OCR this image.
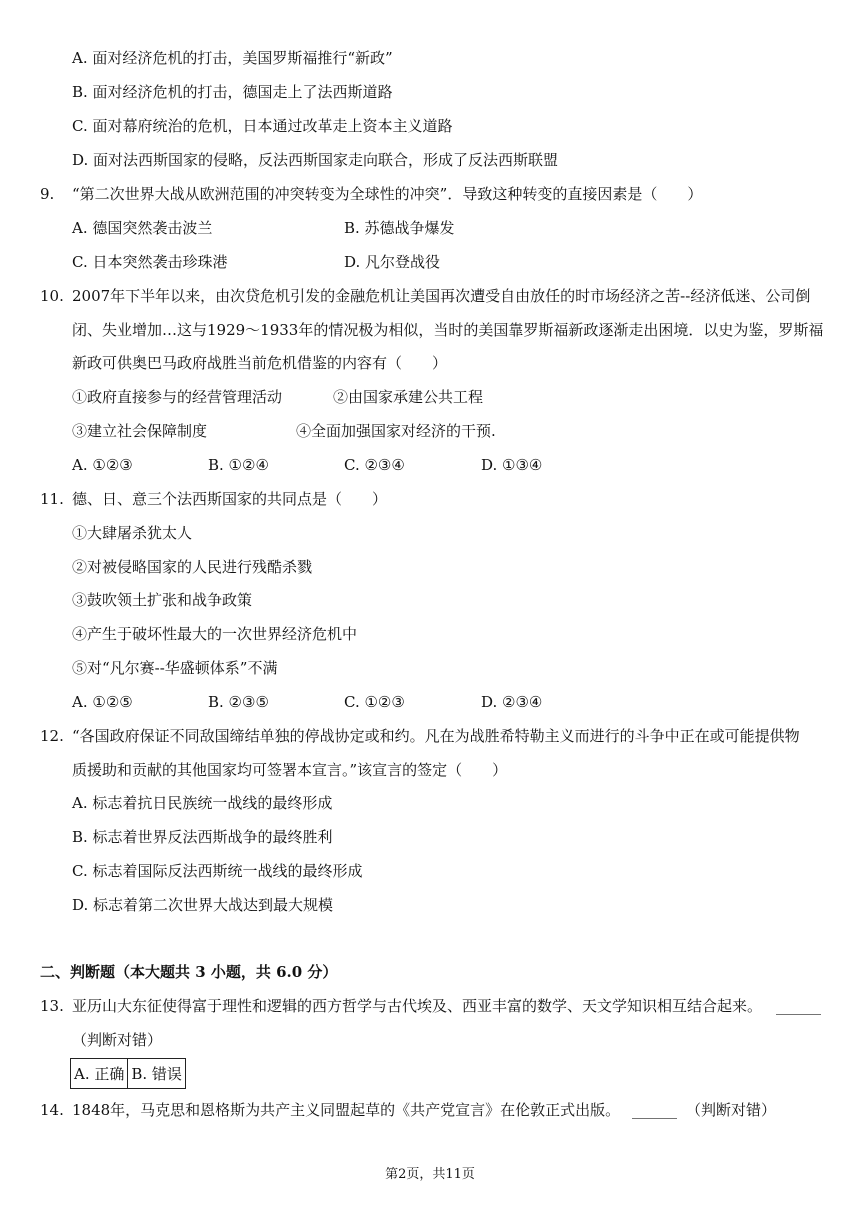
A. 面对经济危机的打击，美国罗斯福推行“新政”
B. 面对经济危机的打击，德国走上了法西斯道路
C. 面对幕府统治的危机，日本通过改革走上资本主义道路
D. 面对法西斯国家的侵略，反法西斯国家走向联合，形成了反法西斯联盟
9.	“第二次世界大战从欧洲范围的冲突转变为全球性的冲突”．导致这种转变的直接因素是（　　）
A. 德国突然袭击波兰	B. 苏德战争爆发
C. 日本突然袭击珍珠港	D. 凡尔登战役
10. 2007年下半年以来，由次贷危机引发的金融危机让美国再次遭受自由放任的时市场经济之苦--经济低迷、公司倒
闭、失业增加…这与1929～1933年的情况极为相似，当时的美国靠罗斯福新政逐渐走出困境．以史为鉴，罗斯福
新政可供奥巴马政府战胜当前危机借鉴的内容有（　　）
①政府直接参与的经营管理活动	②由国家承建公共工程
③建立社会保障制度	④全面加强国家对经济的干预.
A. ①②③	B. ①②④	C. ②③④	D. ①③④
11. 德、日、意三个法西斯国家的共同点是（　　）
①大肆屠杀犹太人
②对被侵略国家的人民进行残酷杀戮
③鼓吹领土扩张和战争政策
④产生于破坏性最大的一次世界经济危机中
⑤对“凡尔赛--华盛顿体系”不满
A. ①②⑤	B. ②③⑤	C. ①②③	D. ②③④
12. “各国政府保证不同敌国缔结单独的停战协定或和约。凡在为战胜希特勒主义而进行的斗争中正在或可能提供物
质援助和贡献的其他国家均可签署本宣言。”该宣言的签定（　　）
A. 标志着抗日民族统一战线的最终形成
B. 标志着世界反法西斯战争的最终胜利
C. 标志着国际反法西斯统一战线的最终形成
D. 标志着第二次世界大战达到最大规模
二、判断题（本大题共 3 小题，共 6.0 分）
13. 亚历山大东征使得富于理性和逻辑的西方哲学与古代埃及、西亚丰富的数学、天文学知识相互结合起来。 ______
（判断对错）
A. 正确	B. 错误
14. 1848年，马克思和恩格斯为共产主义同盟起草的《共产党宣言》在伦敦正式出版。 ______ （判断对错）
第2页，共11页
